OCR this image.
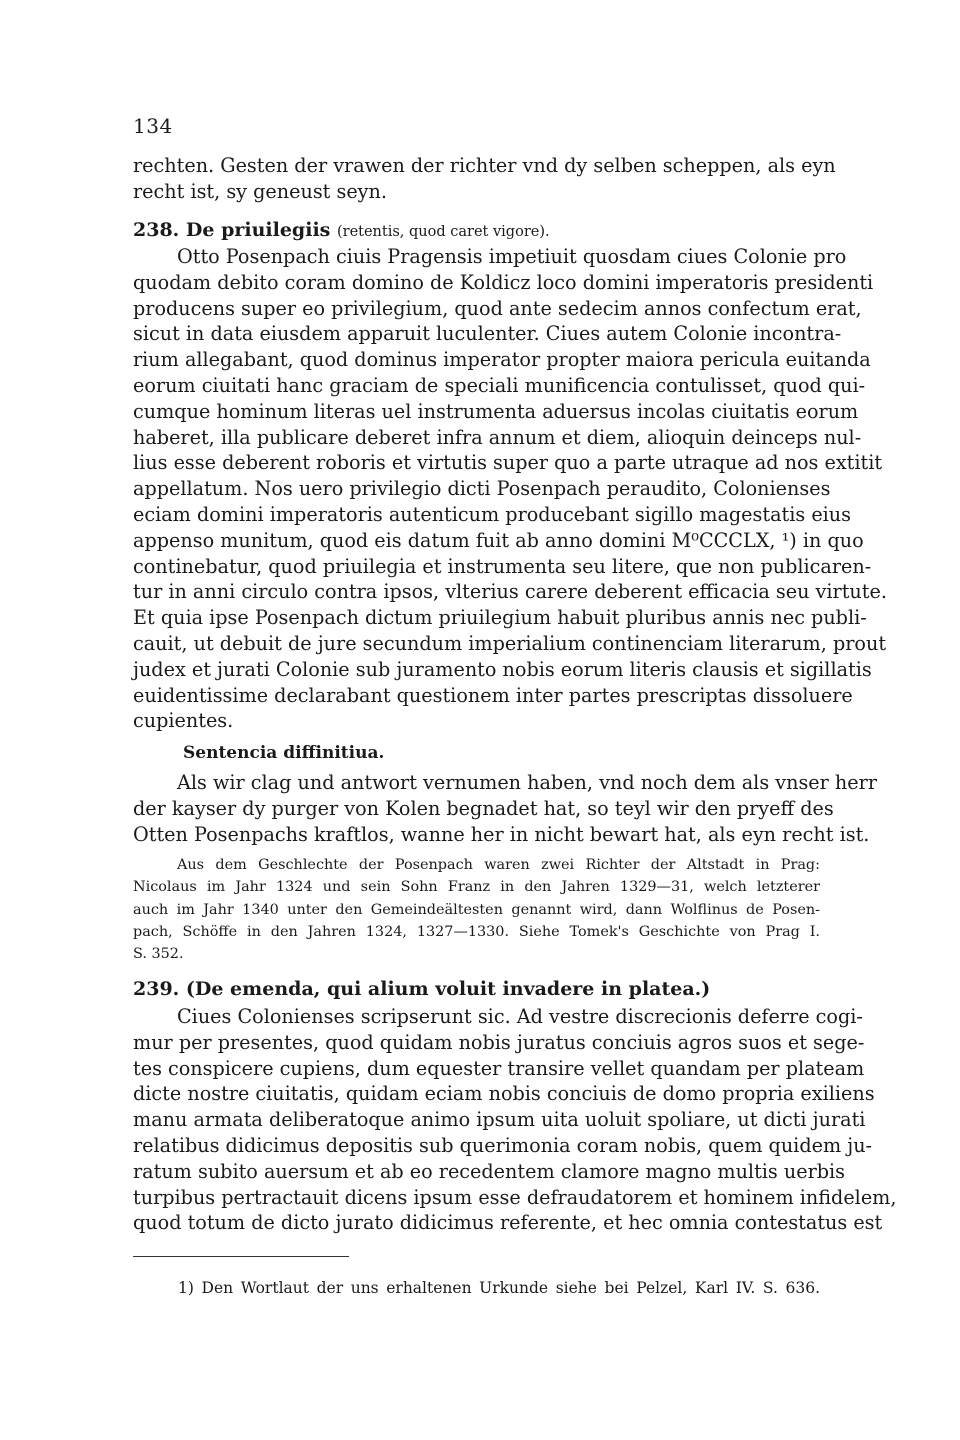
134
rechten. Gesten der vrawen der richter vnd dy selben scheppen, als eyn
recht ist, sy geneust seyn.
238. De priuilegiis (retentis, quod caret vigore).
Otto Posenpach ciuis Pragensis impetiuit quosdam ciues Colonie pro
quodam debito coram domino de Koldicz loco domini imperatoris presidenti
producens super eo privilegium, quod ante sedecim annos confectum erat,
sicut in data eiusdem apparuit luculenter. Ciues autem Colonie incontra-
rium allegabant, quod dominus imperator propter maiora pericula euitanda
eorum ciuitati hanc graciam de speciali munificencia contulisset, quod qui-
cumque hominum literas uel instrumenta aduersus incolas ciuitatis eorum
haberet, illa publicare deberet infra annum et diem, alioquin deinceps nul-
lius esse deberent roboris et virtutis super quo a parte utraque ad nos extitit
appellatum. Nos uero privilegio dicti Posenpach peraudito, Colonienses
eciam domini imperatoris autenticum producebant sigillo magestatis eius
appenso munitum, quod eis datum fuit ab anno domini M⁰CCCLX, ¹) in quo
continebatur, quod priuilegia et instrumenta seu litere, que non publicaren-
tur in anni circulo contra ipsos, vlterius carere deberent efficacia seu virtute.
Et quia ipse Posenpach dictum priuilegium habuit pluribus annis nec publi-
cauit, ut debuit de jure secundum imperialium continenciam literarum, prout
judex et jurati Colonie sub juramento nobis eorum literis clausis et sigillatis
euidentissime declarabant questionem inter partes prescriptas dissoluere
cupientes.
Sentencia diffinitiua.
Als wir clag und antwort vernumen haben, vnd noch dem als vnser herr
der kayser dy purger von Kolen begnadet hat, so teyl wir den pryeff des
Otten Posenpachs kraftlos, wanne her in nicht bewart hat, als eyn recht ist.
Aus dem Geschlechte der Posenpach waren zwei Richter der Altstadt in Prag:
Nicolaus im Jahr 1324 und sein Sohn Franz in den Jahren 1329—31, welch letzterer
auch im Jahr 1340 unter den Gemeindeältesten genannt wird, dann Wolflinus de Posen-
pach, Schöffe in den Jahren 1324, 1327—1330. Siehe Tomek's Geschichte von Prag I.
S. 352.
239. (De emenda, qui alium voluit invadere in platea.)
Ciues Colonienses scripserunt sic. Ad vestre discrecionis deferre cogi-
mur per presentes, quod quidam nobis juratus conciuis agros suos et sege-
tes conspicere cupiens, dum equester transire vellet quandam per plateam
dicte nostre ciuitatis, quidam eciam nobis conciuis de domo propria exiliens
manu armata deliberatoque animo ipsum uita uoluit spoliare, ut dicti jurati
relatibus didicimus depositis sub querimonia coram nobis, quem quidem ju-
ratum subito auersum et ab eo recedentem clamore magno multis uerbis
turpibus pertractauit dicens ipsum esse defraudatorem et hominem infidelem,
quod totum de dicto jurato didicimus referente, et hec omnia contestatus est
1) Den Wortlaut der uns erhaltenen Urkunde siehe bei Pelzel, Karl IV. S. 636.
